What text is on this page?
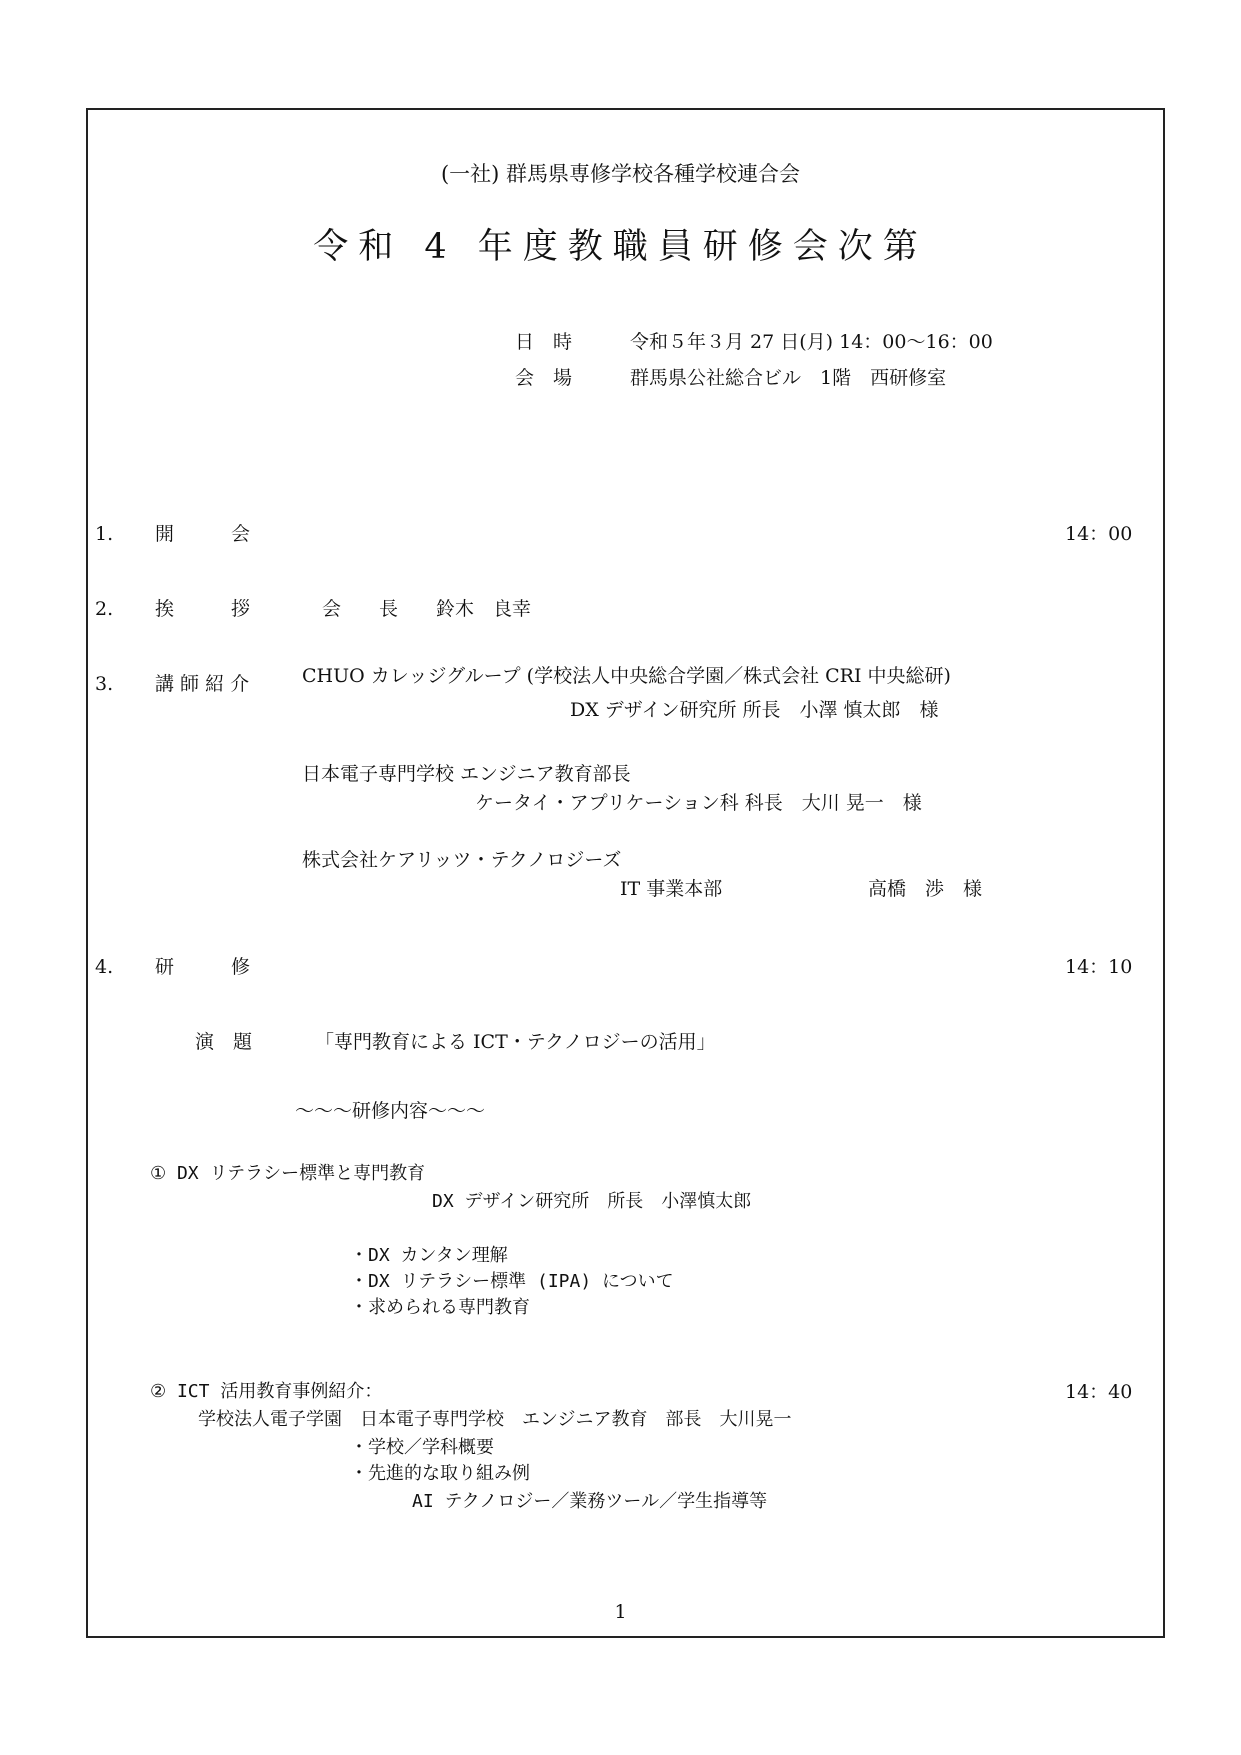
(一社) 群馬県専修学校各種学校連合会
令和 4 年度教職員研修会次第
日　時	令和５年３月 27 日(月) 14：00〜16：00
会　場	群馬県公社総合ビル　1階　西研修室
1. 開　　　会	14：00
2. 挨　　　拶	会　　長　　鈴木　良幸
3. 講 師 紹 介	CHUO カレッジグループ (学校法人中央総合学園／株式会社 CRI 中央総研)
DX デザイン研究所 所長　小澤 慎太郎　様
日本電子専門学校 エンジニア教育部長
ケータイ・アプリケーション科 科長　大川 晃一　様
株式会社ケアリッツ・テクノロジーズ
IT 事業本部	高橋　渉　様
4. 研　　　修	14：10
演　題	「専門教育による ICT・テクノロジーの活用」
〜〜〜研修内容〜〜〜
① DX リテラシー標準と専門教育
DX デザイン研究所　所長　小澤慎太郎
・DX カンタン理解
・DX リテラシー標準 (IPA) について
・求められる専門教育
② ICT 活用教育事例紹介：	14：40
学校法人電子学園　日本電子専門学校　エンジニア教育　部長　大川晃一
・学校／学科概要
・先進的な取り組み例
AI テクノロジー／業務ツール／学生指導等
1
